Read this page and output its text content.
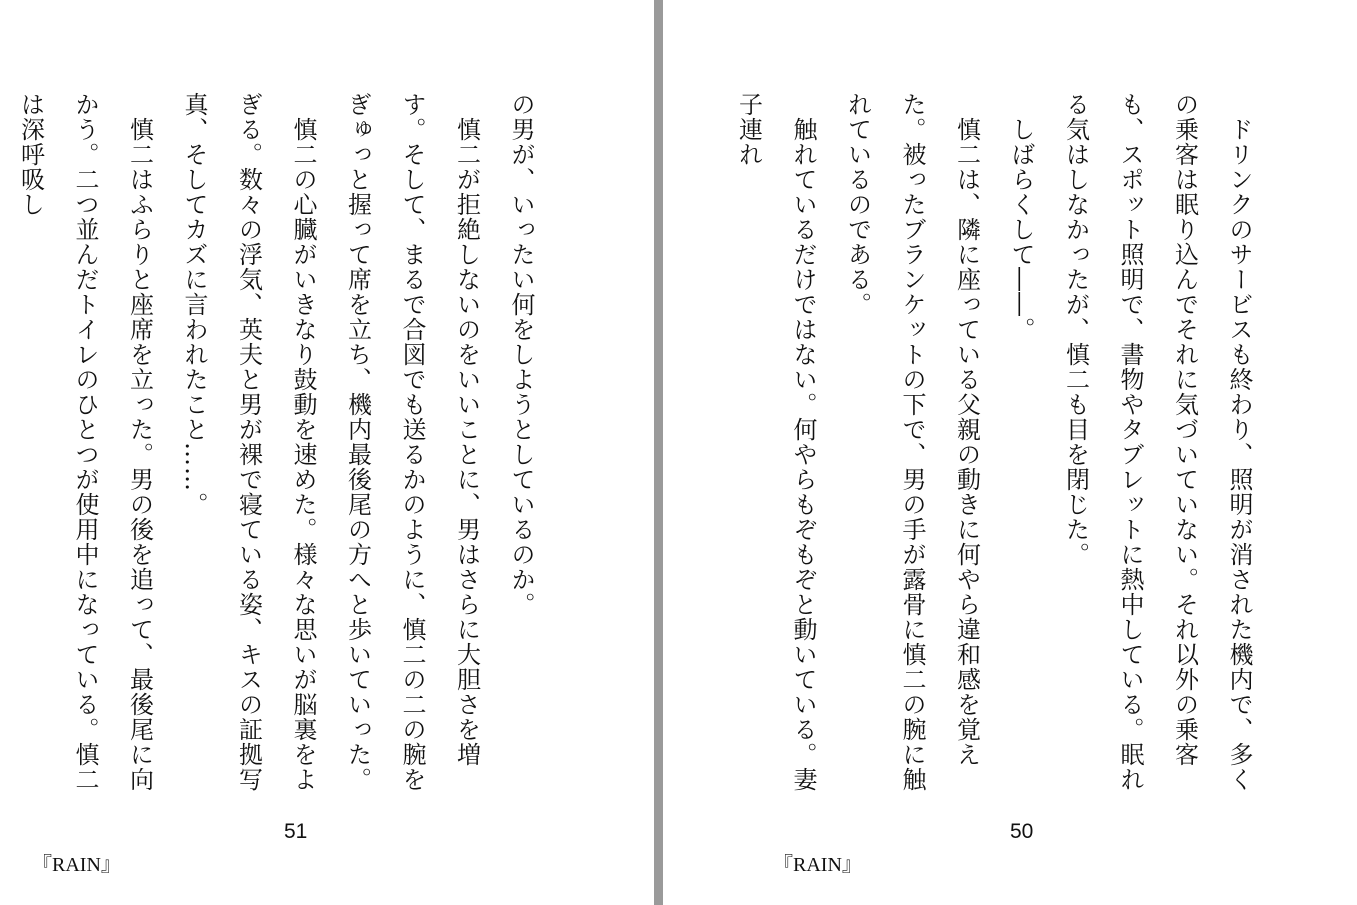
の男が、いったい何をしようとしているのか。
　慎二が拒絶しないのをいいことに、男はさらに大胆さを増す。そして、まるで合図でも送るかのように、慎二の二の腕をぎゅっと握って席を立ち、機内最後尾の方へと歩いていった。
　慎二の心臓がいきなり鼓動を速めた。様々な思いが脳裏をよぎる。数々の浮気、英夫と男が裸で寝ている姿、キスの証拠写真、そしてカズに言われたこと……。
　慎二はふらりと座席を立った。男の後を追って、最後尾に向かう。二つ並んだトイレのひとつが使用中になっている。慎二は深呼吸し
51
『RAIN』
　ドリンクのサービスも終わり、照明が消された機内で、多くの乗客は眠り込んでそれに気づいていない。それ以外の乗客も、スポット照明で、書物やタブレットに熱中している。眠れる気はしなかったが、慎二も目を閉じた。
　しばらくして――。
　慎二は、隣に座っている父親の動きに何やら違和感を覚えた。被ったブランケットの下で、男の手が露骨に慎二の腕に触れているのである。
　触れているだけではない。何やらもぞもぞと動いている。妻子連れ
50
『RAIN』
